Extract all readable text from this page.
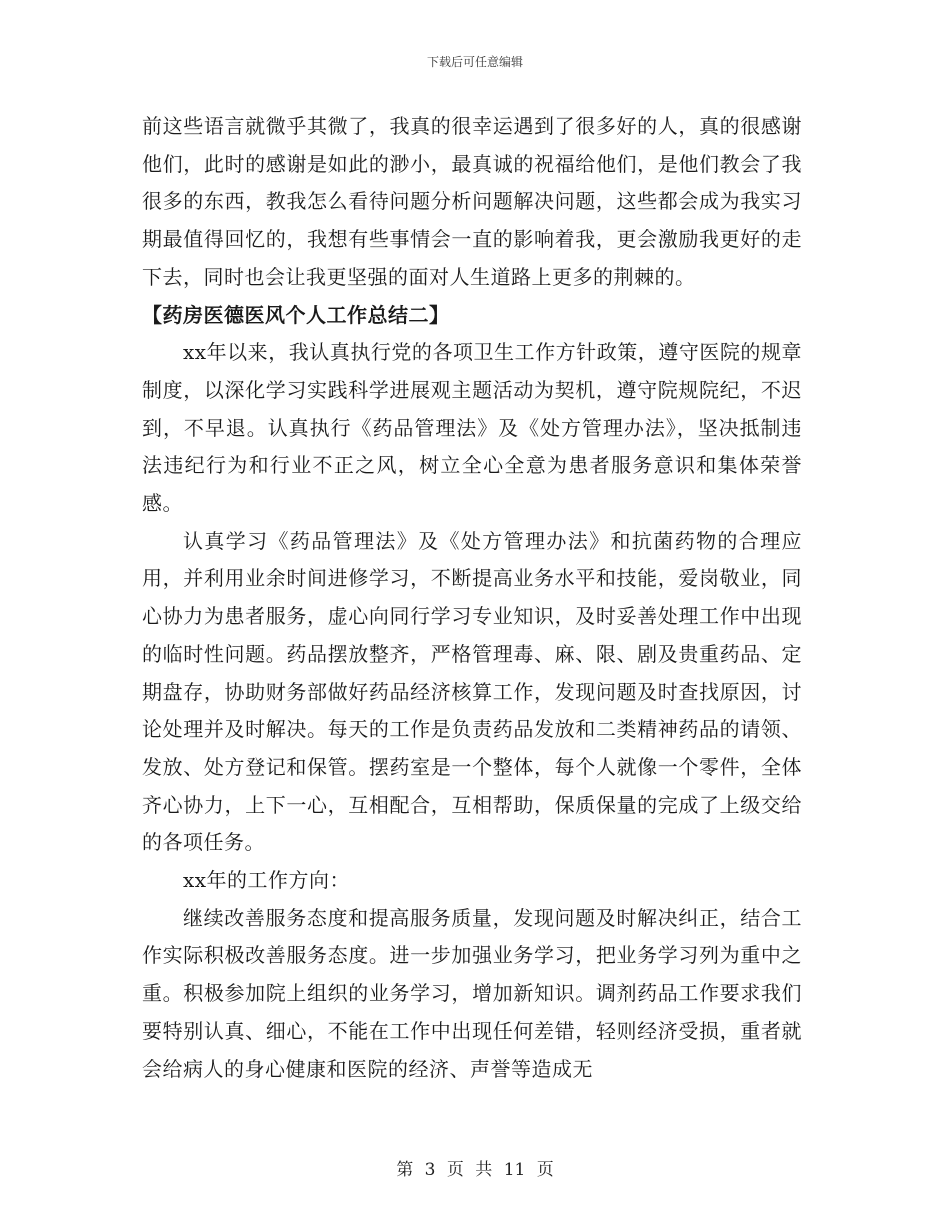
下载后可任意编辑

前这些语言就微乎其微了，我真的很幸运遇到了很多好的人，真的很感谢他们，此时的感谢是如此的渺小，最真诚的祝福给他们，是他们教会了我很多的东西，教我怎么看待问题分析问题解决问题，这些都会成为我实习期最值得回忆的，我想有些事情会一直的影响着我，更会激励我更好的走下去，同时也会让我更坚强的面对人生道路上更多的荆棘的。

【药房医德医风个人工作总结二】

xx年以来，我认真执行党的各项卫生工作方针政策，遵守医院的规章制度，以深化学习实践科学进展观主题活动为契机，遵守院规院纪，不迟到，不早退。认真执行《药品管理法》及《处方管理办法》，坚决抵制违法违纪行为和行业不正之风，树立全心全意为患者服务意识和集体荣誉感。

认真学习《药品管理法》及《处方管理办法》和抗菌药物的合理应用，并利用业余时间进修学习，不断提高业务水平和技能，爱岗敬业，同心协力为患者服务，虚心向同行学习专业知识，及时妥善处理工作中出现的临时性问题。药品摆放整齐，严格管理毒、麻、限、剧及贵重药品、定期盘存，协助财务部做好药品经济核算工作，发现问题及时查找原因，讨论处理并及时解决。每天的工作是负责药品发放和二类精神药品的请领、发放、处方登记和保管。摆药室是一个整体，每个人就像一个零件，全体齐心协力，上下一心，互相配合，互相帮助，保质保量的完成了上级交给的各项任务。

xx年的工作方向：

继续改善服务态度和提高服务质量，发现问题及时解决纠正，结合工作实际积极改善服务态度。进一步加强业务学习，把业务学习列为重中之重。积极参加院上组织的业务学习，增加新知识。调剂药品工作要求我们要特别认真、细心，不能在工作中出现任何差错，轻则经济受损，重者就会给病人的身心健康和医院的经济、声誉等造成无

第 3 页 共 11 页
